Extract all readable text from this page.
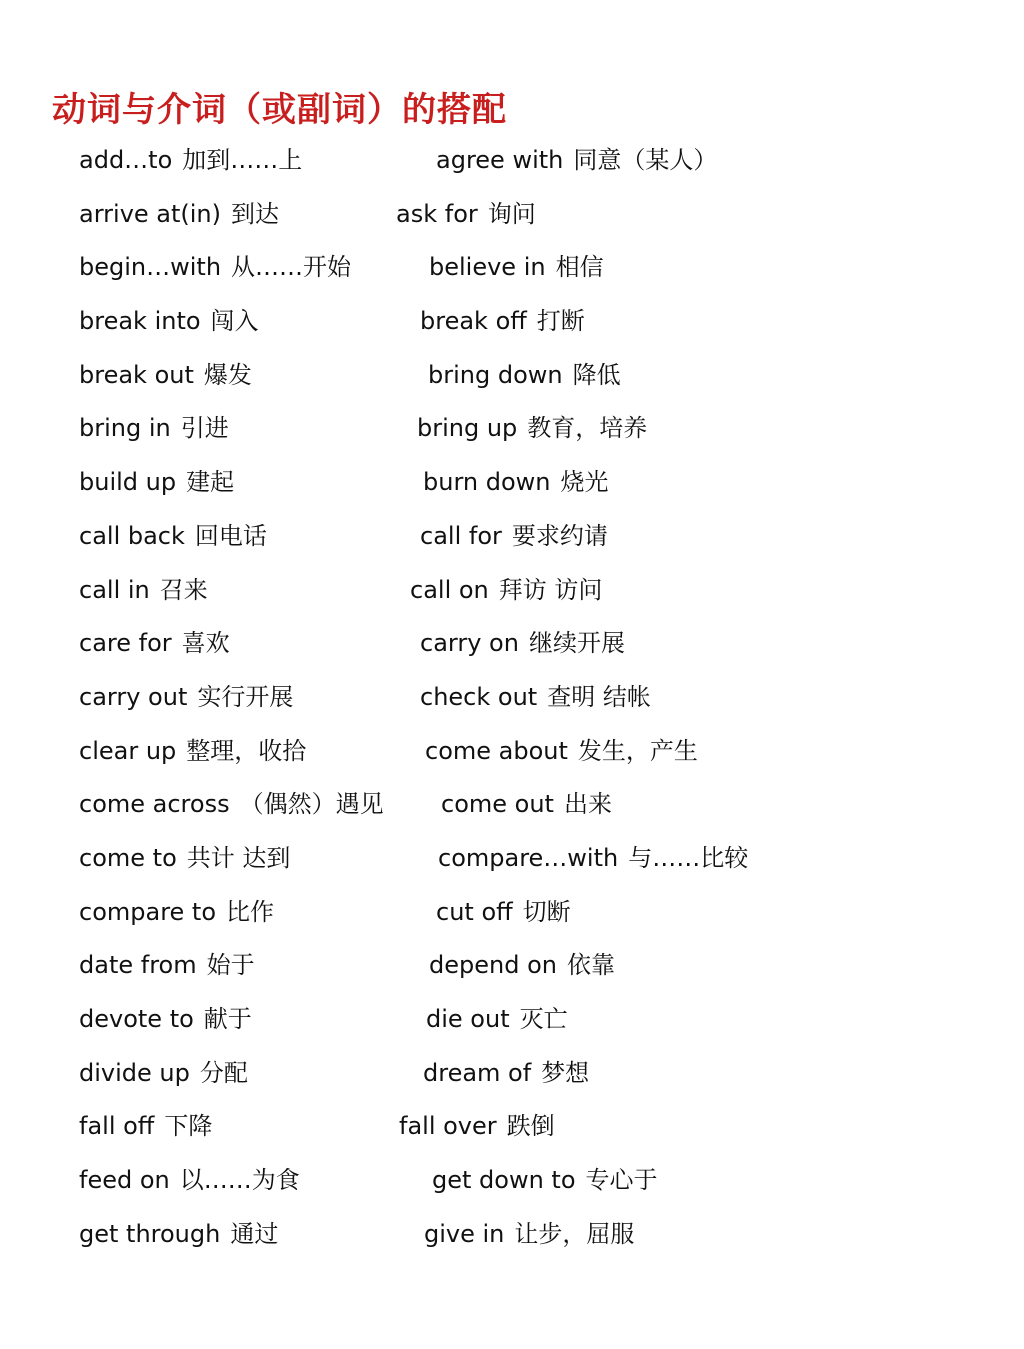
动词与介词（或副词）的搭配
add…to 加到……上	agree with 同意（某人）
arrive at(in) 到达	ask for 询问
begin…with 从……开始	believe in 相信
break into 闯入	break off 打断
break out 爆发	bring down 降低
bring in 引进	bring up 教育，培养
build up 建起	burn down 烧光
call back 回电话	call for 要求约请
call in 召来	call on 拜访 访问
care for 喜欢	carry on 继续开展
carry out 实行开展	check out 查明 结帐
clear up 整理，收拾	come about 发生，产生
come across （偶然）遇见 come out 出来
come to 共计 达到	compare…with 与……比较
compare to 比作	cut off 切断
date from 始于	depend on 依靠
devote to 献于	die out 灭亡
divide up 分配	dream of 梦想
fall off 下降	fall over 跌倒
feed on 以……为食	get down to 专心于
get through 通过	give in 让步，屈服
